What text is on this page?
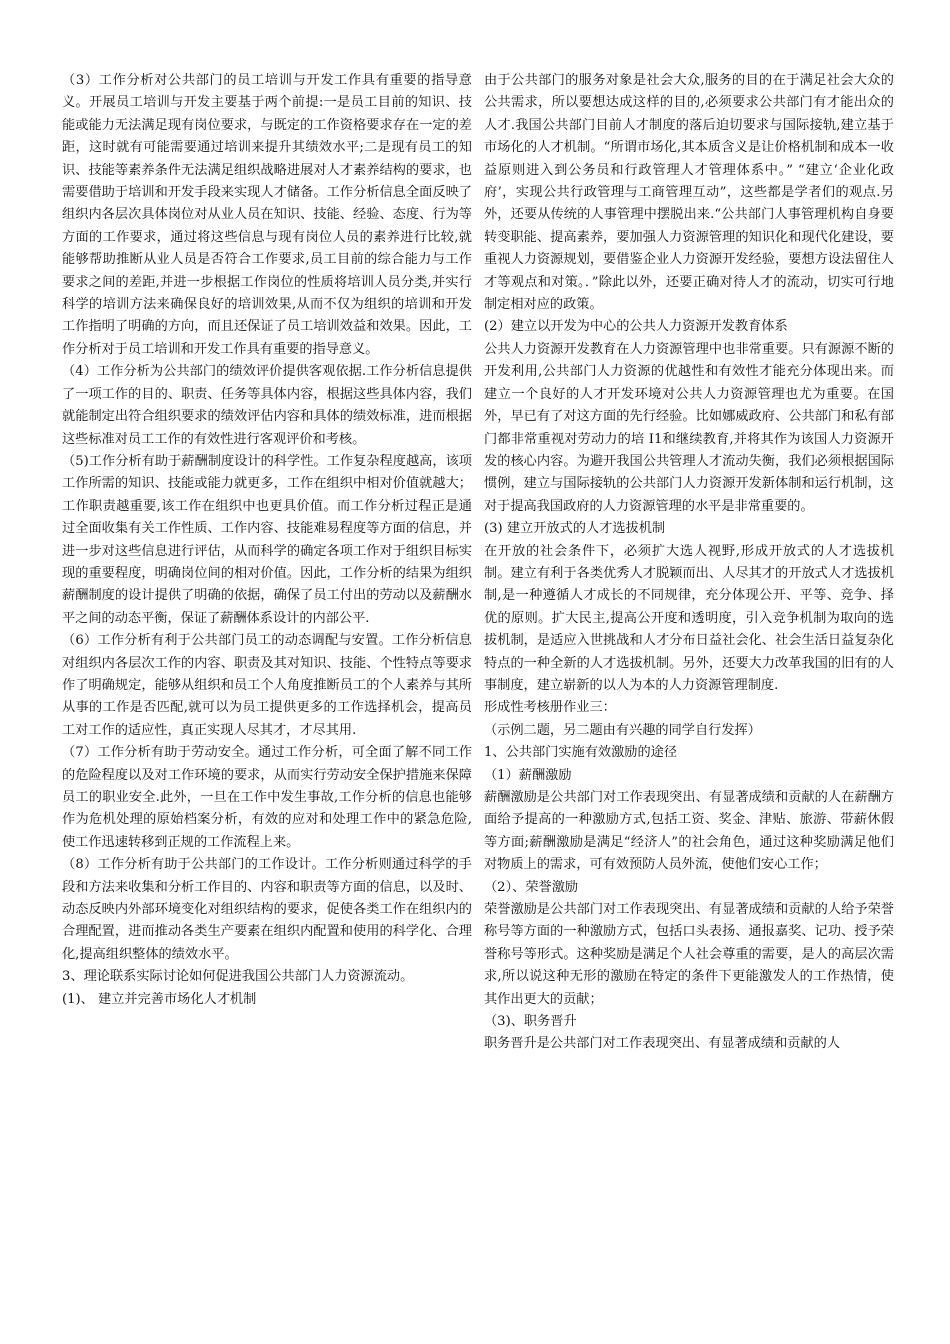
（3）工作分析对公共部门的员工培训与开发工作具有重要的指导意义。开展员工培训与开发主要基于两个前提:一是员工目前的知识、技能或能力无法满足现有岗位要求，与既定的工作资格要求存在一定的差距，这时就有可能需要通过培训来提升其绩效水平;二是现有员工的知识、技能等素养条件无法满足组织战略进展对人才素养结构的要求，也需要借助于培训和开发手段来实现人才储备。工作分析信息全面反映了组织内各层次具体岗位对从业人员在知识、技能、经验、态度、行为等方面的工作要求，通过将这些信息与现有岗位人员的素养进行比较,就能够帮助推断从业人员是否符合工作要求,员工目前的综合能力与工作要求之间的差距,并进一步根据工作岗位的性质将培训人员分类,并实行科学的培训方法来确保良好的培训效果,从而不仅为组织的培训和开发工作指明了明确的方向，而且还保证了员工培训效益和效果。因此，工作分析对于员工培训和开发工作具有重要的指导意义。

（4）工作分析为公共部门的绩效评价提供客观依据.工作分析信息提供了一项工作的目的、职责、任务等具体内容，根据这些具体内容，我们就能制定出符合组织要求的绩效评估内容和具体的绩效标准，进而根据这些标准对员工工作的有效性进行客观评价和考核。

（5)工作分析有助于薪酬制度设计的科学性。工作复杂程度越高，该项工作所需的知识、技能或能力就更多，工作在组织中相对价值就越大；工作职责越重要,该工作在组织中也更具价值。而工作分析过程正是通过全面收集有关工作性质、工作内容、技能难易程度等方面的信息，并进一步对这些信息进行评估，从而科学的确定各项工作对于组织目标实现的重要程度，明确岗位间的相对价值。因此，工作分析的结果为组织薪酬制度的设计提供了明确的依据，确保了员工付出的劳动以及薪酬水平之间的动态平衡，保证了薪酬体系设计的内部公平.

（6）工作分析有利于公共部门员工的动态调配与安置。工作分析信息对组织内各层次工作的内容、职责及其对知识、技能、个性特点等要求作了明确规定，能够从组织和员工个人角度推断员工的个人素养与其所从事的工作是否匹配,就可以为员工提供更多的工作选择机会，提高员工对工作的适应性，真正实现人尽其才，才尽其用.

（7）工作分析有助于劳动安全。通过工作分析，可全面了解不同工作的危险程度以及对工作环境的要求，从而实行劳动安全保护措施来保障员工的职业安全.此外，一旦在工作中发生事故,工作分析的信息也能够作为危机处理的原始档案分析，有效的应对和处理工作中的紧急危险,使工作迅速转移到正规的工作流程上来。

（8）工作分析有助于公共部门的工作设计。工作分析则通过科学的手段和方法来收集和分析工作目的、内容和职责等方面的信息，以及时、动态反映内外部环境变化对组织结构的要求，促使各类工作在组织内的合理配置，进而推动各类生产要素在组织内配置和使用的科学化、合理化,提高组织整体的绩效水平。

3、理论联系实际讨论如何促进我国公共部门人力资源流动。

(1)、 建立并完善市场化人才机制

由于公共部门的服务对象是社会大众,服务的目的在于满足社会大众的公共需求，所以要想达成这样的目的,必须要求公共部门有才能出众的人才.我国公共部门目前人才制度的落后迫切要求与国际接轨,建立基于市场化的人才机制。“所谓市场化,其本质含义是让价格机制和成本一收益原则进入到公务员和行政管理人才管理体系中。” “建立‘企业化政府’，实现公共行政管理与工商管理互动”，这些都是学者们的观点.另外，还要从传统的人事管理中摆脱出来.“公共部门人事管理机构自身要转变职能、提高素养，要加强人力资源管理的知识化和现代化建设，要重视人力资源规划，要借鉴企业人力资源开发经验，要想方设法留住人才等观点和对策。．”除此以外，还要正确对待人才的流动，切实可行地制定相对应的政策。

(2）建立以开发为中心的公共人力资源开发教育体系

公共人力资源开发教育在人力资源管理中也非常重要。只有源源不断的开发利用,公共部门人力资源的优越性和有效性才能充分体现出来。而建立一个良好的人才开发环境对公共人力资源管理也尤为重要。在国外，早已有了对这方面的先行经验。比如娜威政府、公共部门和私有部门都非常重视对劳动力的培 I1和继续教育,并将其作为该国人力资源开发的核心内容。为避开我国公共管理人才流动失衡，我们必须根据国际惯例，建立与国际接轨的公共部门人力资源开发新体制和运行机制，这对于提高我国政府的人力资源管理的水平是非常重要的。

(3) 建立开放式的人才选拔机制

在开放的社会条件下，必须扩大选人视野,形成开放式的人才选拔机制。建立有利于各类优秀人才脱颖而出、人尽其才的开放式人才选拔机制,是一种遵循人才成长的不同规律，充分体现公开、平等、竞争、择优的原则。扩大民主,提高公开度和透明度，引入竞争机制为取向的选拔机制，是适应入世挑战和人才分布日益社会化、社会生活日益复杂化特点的一种全新的人才选拔机制。另外，还要大力改革我国的旧有的人事制度，建立崭新的以人为本的人力资源管理制度.

形成性考核册作业三：

（示例二题，另二题由有兴趣的同学自行发挥）

1、公共部门实施有效激励的途径

（1）薪酬激励

薪酬激励是公共部门对工作表现突出、有显著成绩和贡献的人在薪酬方面给予提高的一种激励方式,包括工资、奖金、津贴、旅游、带薪休假等方面;薪酬激励是满足“经济人”的社会角色，通过这种奖励满足他们对物质上的需求，可有效预防人员外流，使他们安心工作；

（2）、荣誉激励

荣誉激励是公共部门对工作表现突出、有显著成绩和贡献的人给予荣誉称号等方面的一种激励方式，包括口头表扬、通报嘉奖、记功、授予荣誉称号等形式。这种奖励是满足个人社会尊重的需要，是人的高层次需求,所以说这种无形的激励在特定的条件下更能激发人的工作热情，使其作出更大的贡献；

（3)、职务晋升

职务晋升是公共部门对工作表现突出、有显著成绩和贡献的人
